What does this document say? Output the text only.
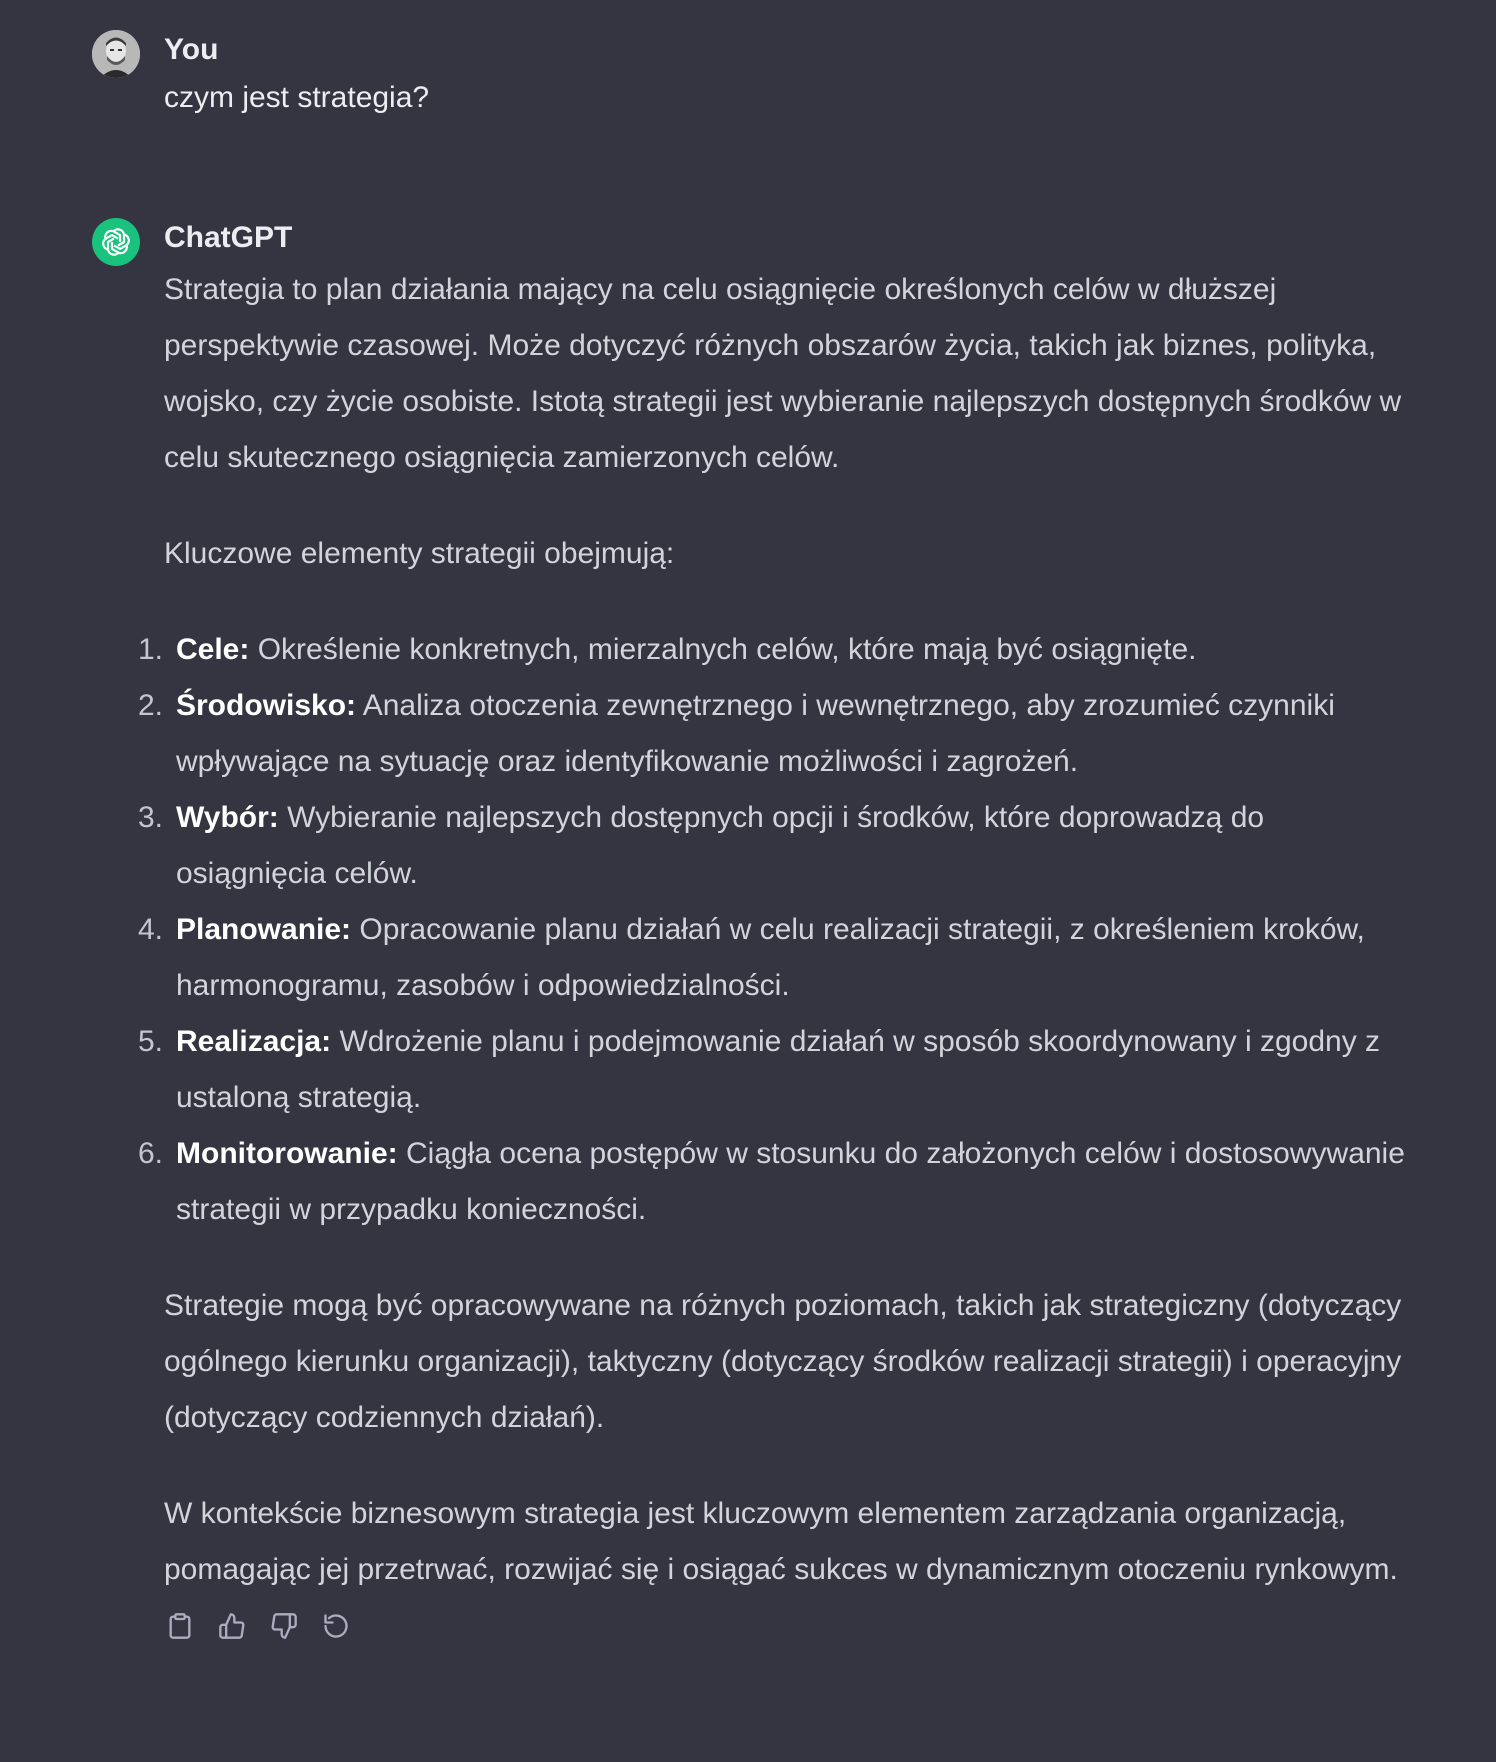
You
czym jest strategia?
ChatGPT

Strategia to plan działania mający na celu osiągnięcie określonych celów w dłuższej perspektywie czasowej. Może dotyczyć różnych obszarów życia, takich jak biznes, polityka, wojsko, czy życie osobiste. Istotą strategii jest wybieranie najlepszych dostępnych środków w celu skutecznego osiągnięcia zamierzonych celów.

Kluczowe elementy strategii obejmują:

1. Cele: Określenie konkretnych, mierzalnych celów, które mają być osiągnięte.
2. Środowisko: Analiza otoczenia zewnętrznego i wewnętrznego, aby zrozumieć czynniki wpływające na sytuację oraz identyfikowanie możliwości i zagrożeń.
3. Wybór: Wybieranie najlepszych dostępnych opcji i środków, które doprowadzą do osiągnięcia celów.
4. Planowanie: Opracowanie planu działań w celu realizacji strategii, z określeniem kroków, harmonogramu, zasobów i odpowiedzialności.
5. Realizacja: Wdrożenie planu i podejmowanie działań w sposób skoordynowany i zgodny z ustaloną strategią.
6. Monitorowanie: Ciągła ocena postępów w stosunku do założonych celów i dostosowywanie strategii w przypadku konieczności.

Strategie mogą być opracowywane na różnych poziomach, takich jak strategiczny (dotyczący ogólnego kierunku organizacji), taktyczny (dotyczący środków realizacji strategii) i operacyjny (dotyczący codziennych działań).

W kontekście biznesowym strategia jest kluczowym elementem zarządzania organizacją, pomagając jej przetrwać, rozwijać się i osiągać sukces w dynamicznym otoczeniu rynkowym.
